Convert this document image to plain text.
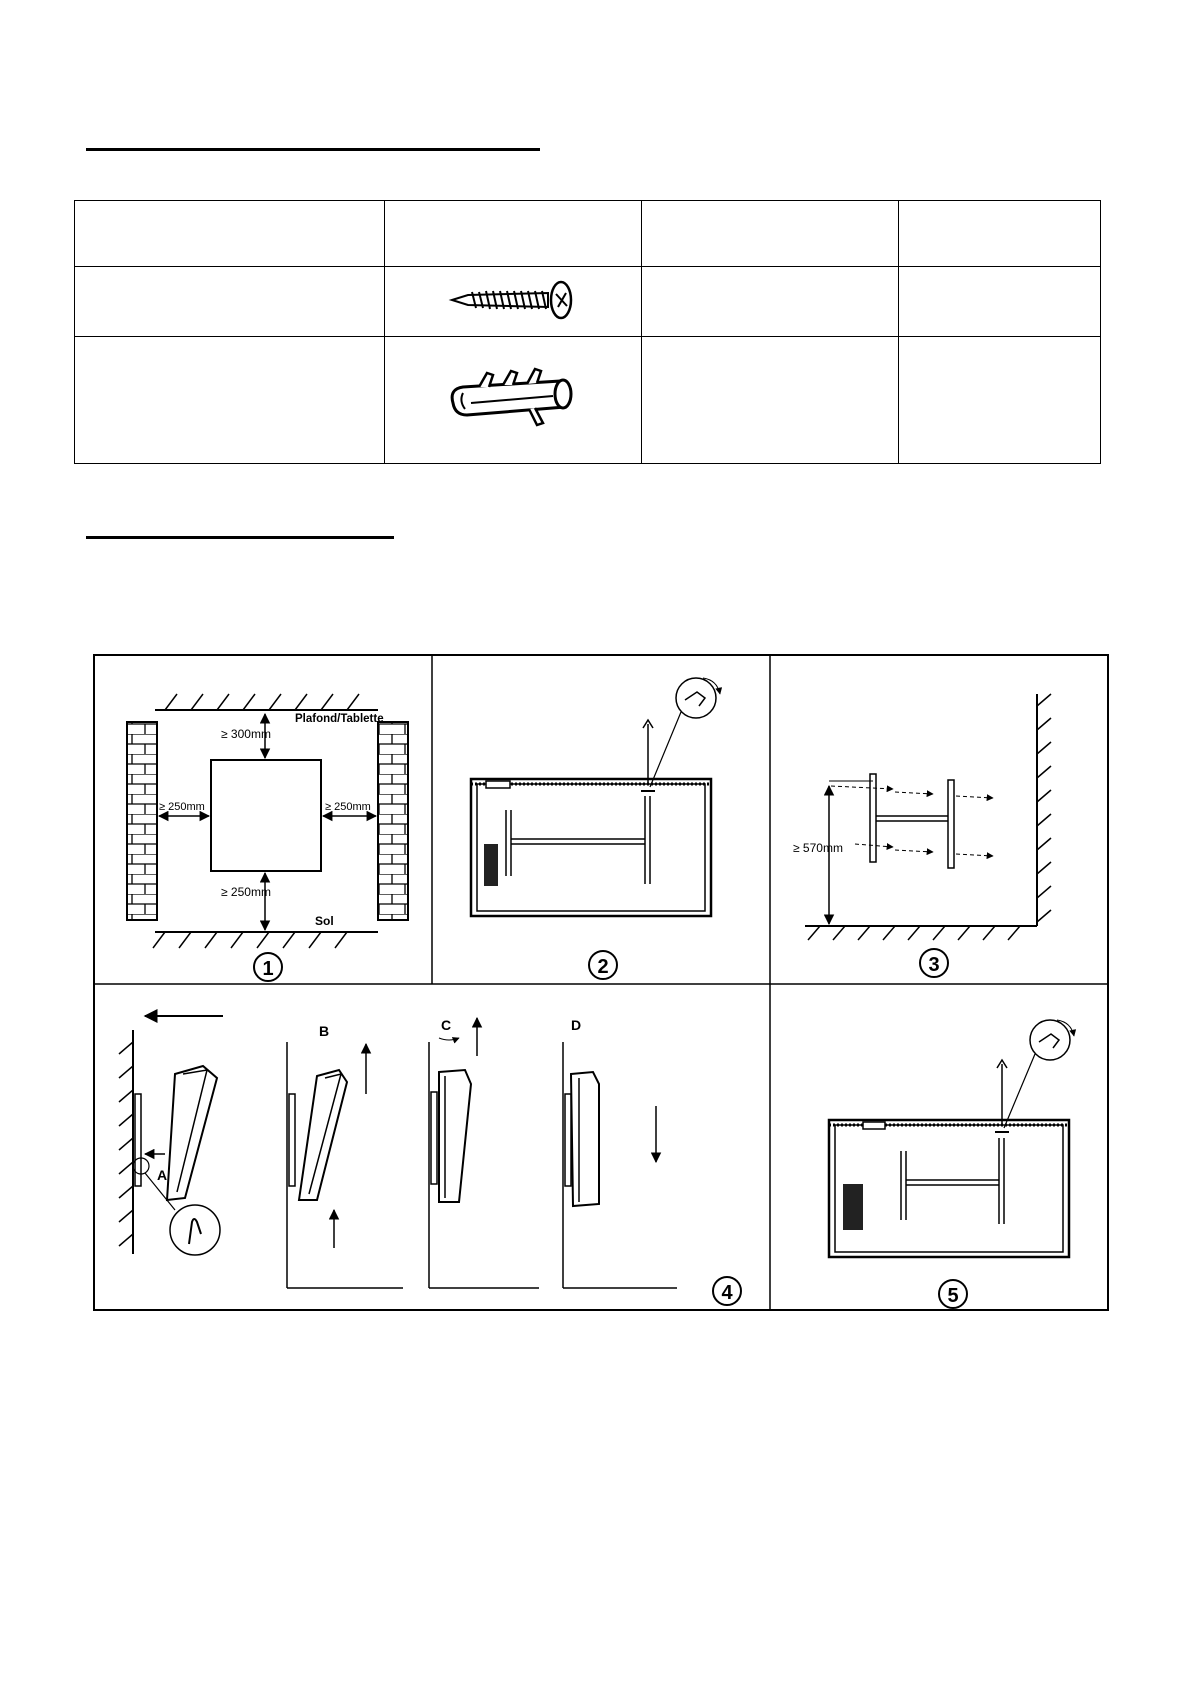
Plafond/Tablette
≥ 300mm
≥ 250mm	≥ 250mm
≥ 250mm
Sol
1	2
≥ 570mm
3
A
B	C	D
4	5
